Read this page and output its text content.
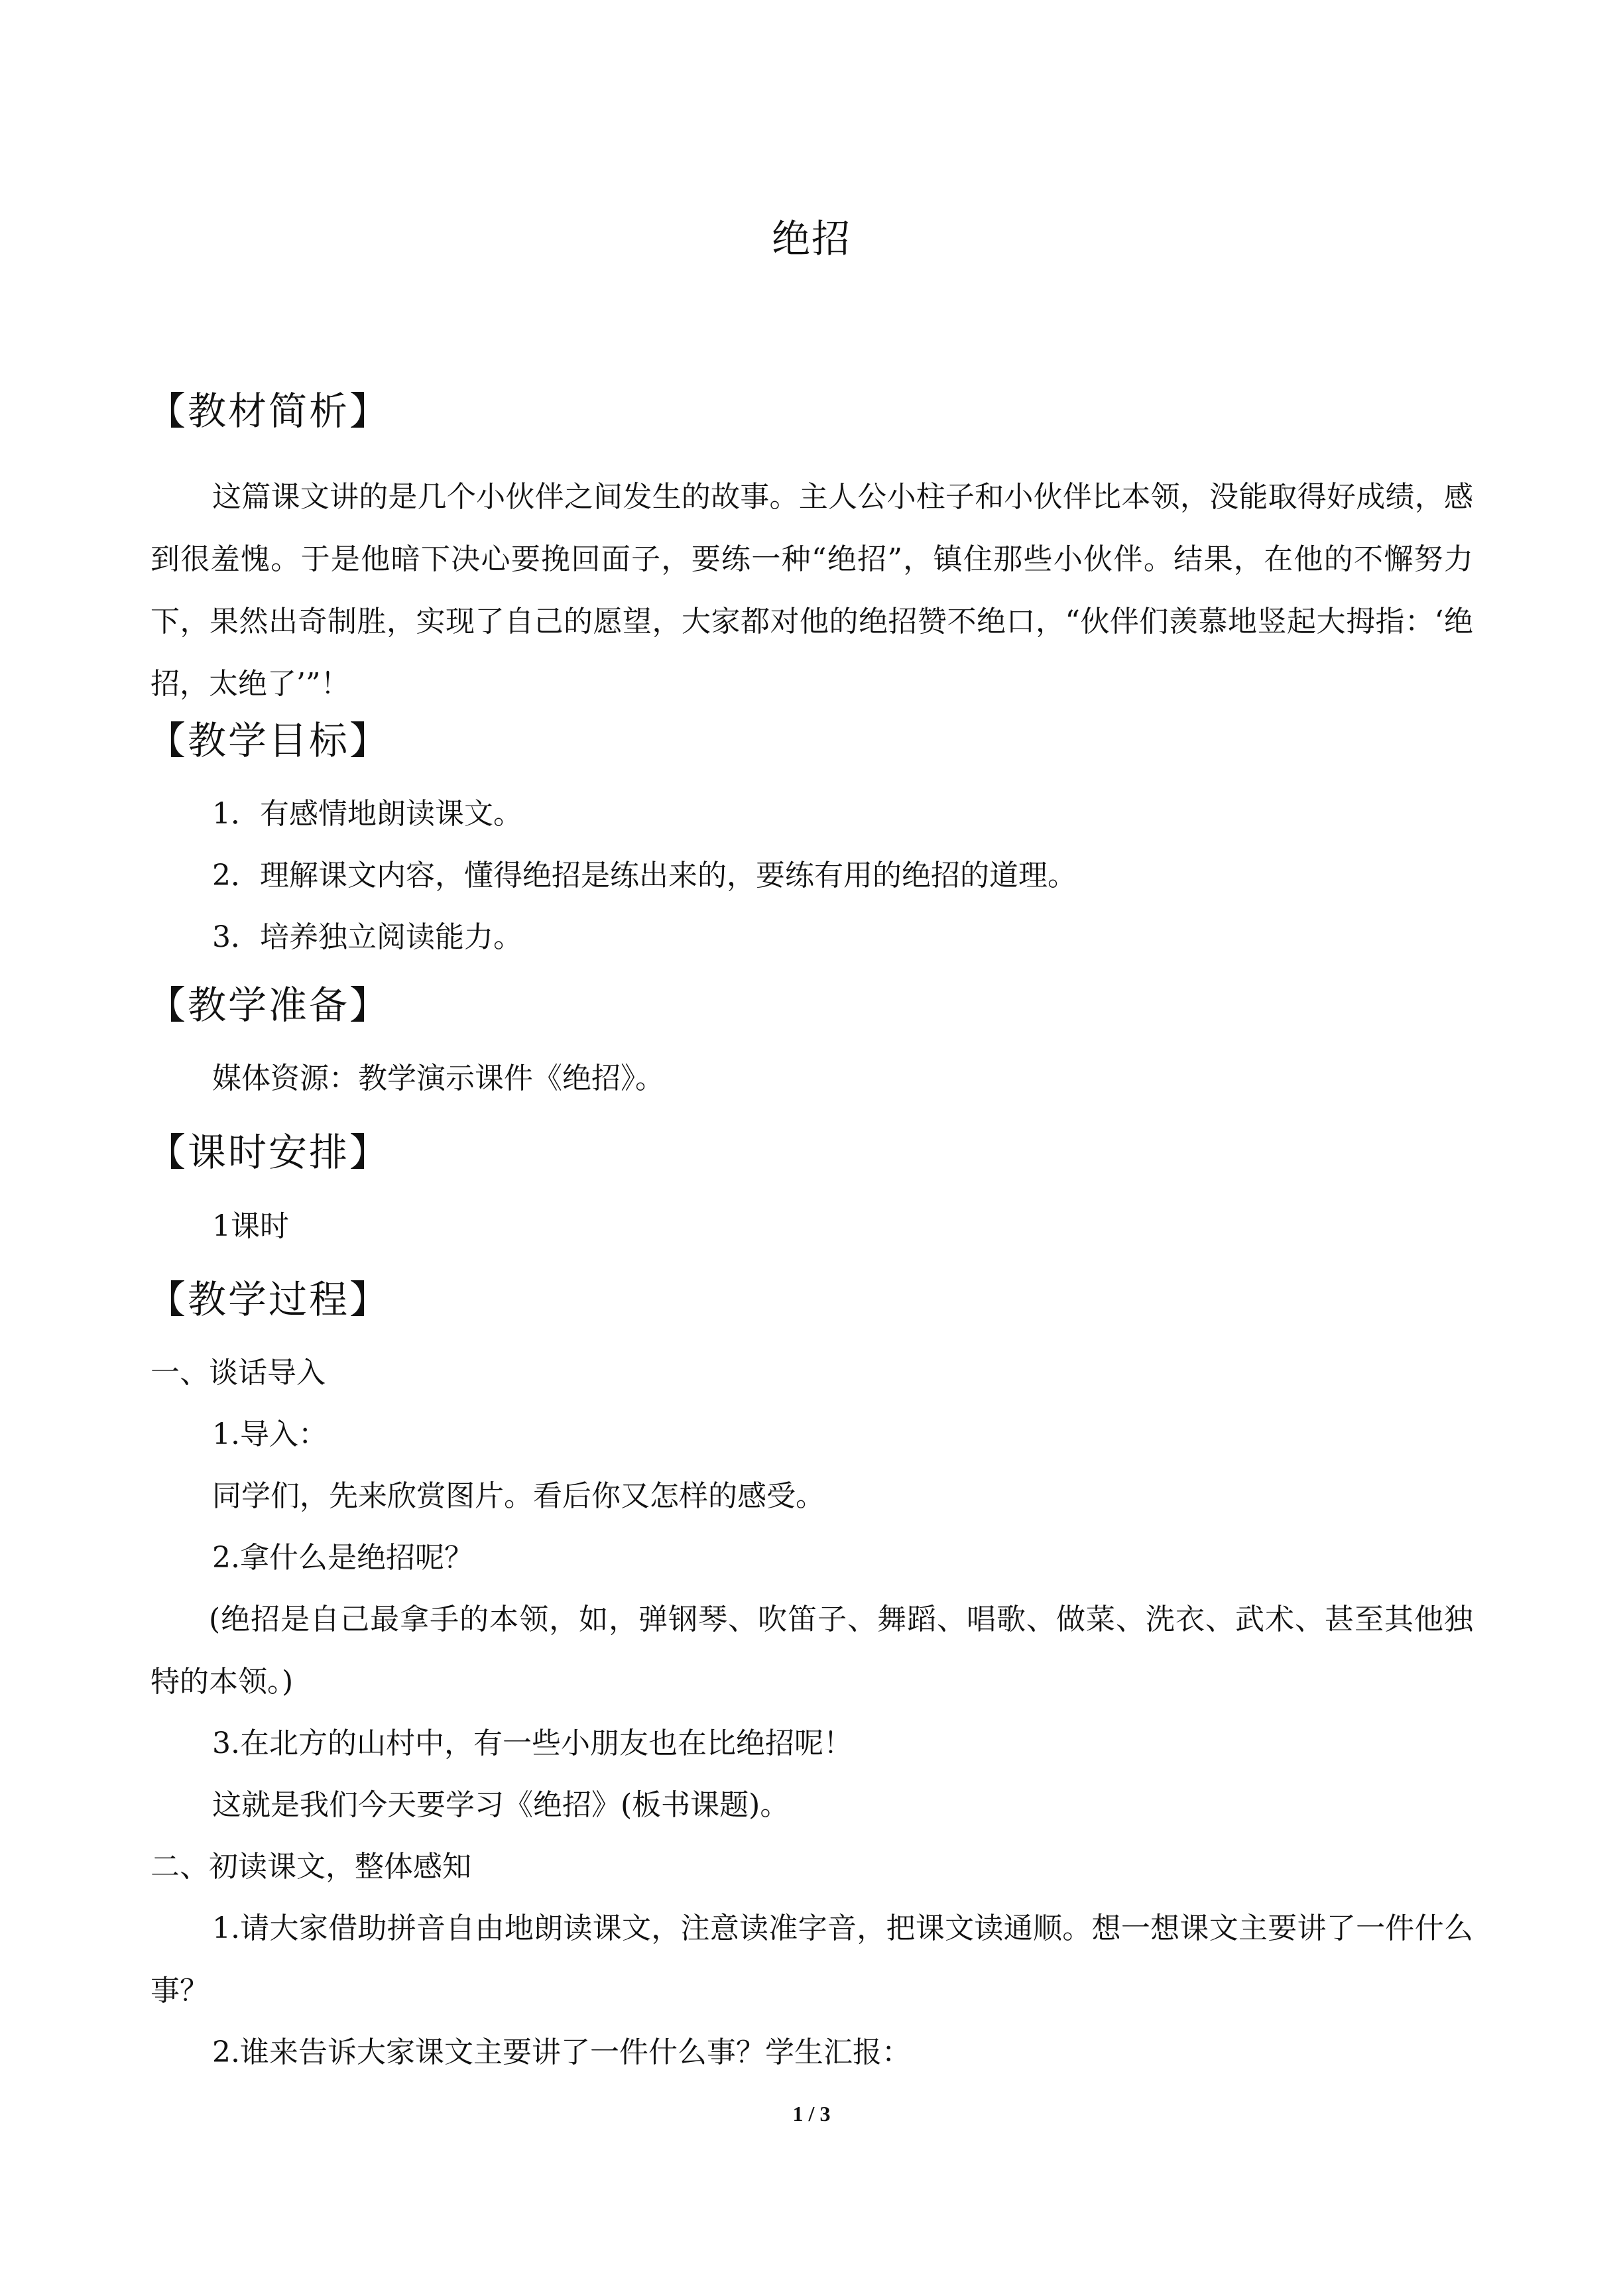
绝招
【教材简析】

这篇课文讲的是几个小伙伴之间发生的故事。主人公小柱子和小伙伴比本领，没能取得好成绩，感到很羞愧。于是他暗下决心要挽回面子，要练一种“绝招”，镇住那些小伙伴。结果，在他的不懈努力下，果然出奇制胜，实现了自己的愿望，大家都对他的绝招赞不绝口，“伙伴们羡慕地竖起大拇指：‘绝招，太绝了’”！

【教学目标】

1．有感情地朗读课文。

2．理解课文内容，懂得绝招是练出来的，要练有用的绝招的道理。

3．培养独立阅读能力。

【教学准备】

媒体资源：教学演示课件《绝招》。

【课时安排】

1课时

【教学过程】

一、谈话导入

1.导入：

同学们，先来欣赏图片。看后你又怎样的感受。

2.拿什么是绝招呢？

(绝招是自己最拿手的本领，如，弹钢琴、吹笛子、舞蹈、唱歌、做菜、洗衣、武术、甚至其他独特的本领。)

3.在北方的山村中，有一些小朋友也在比绝招呢！

这就是我们今天要学习《绝招》(板书课题)。

二、初读课文，整体感知

1.请大家借助拼音自由地朗读课文，注意读准字音，把课文读通顺。想一想课文主要讲了一件什么事？

2.谁来告诉大家课文主要讲了一件什么事？学生汇报：

1 / 3
